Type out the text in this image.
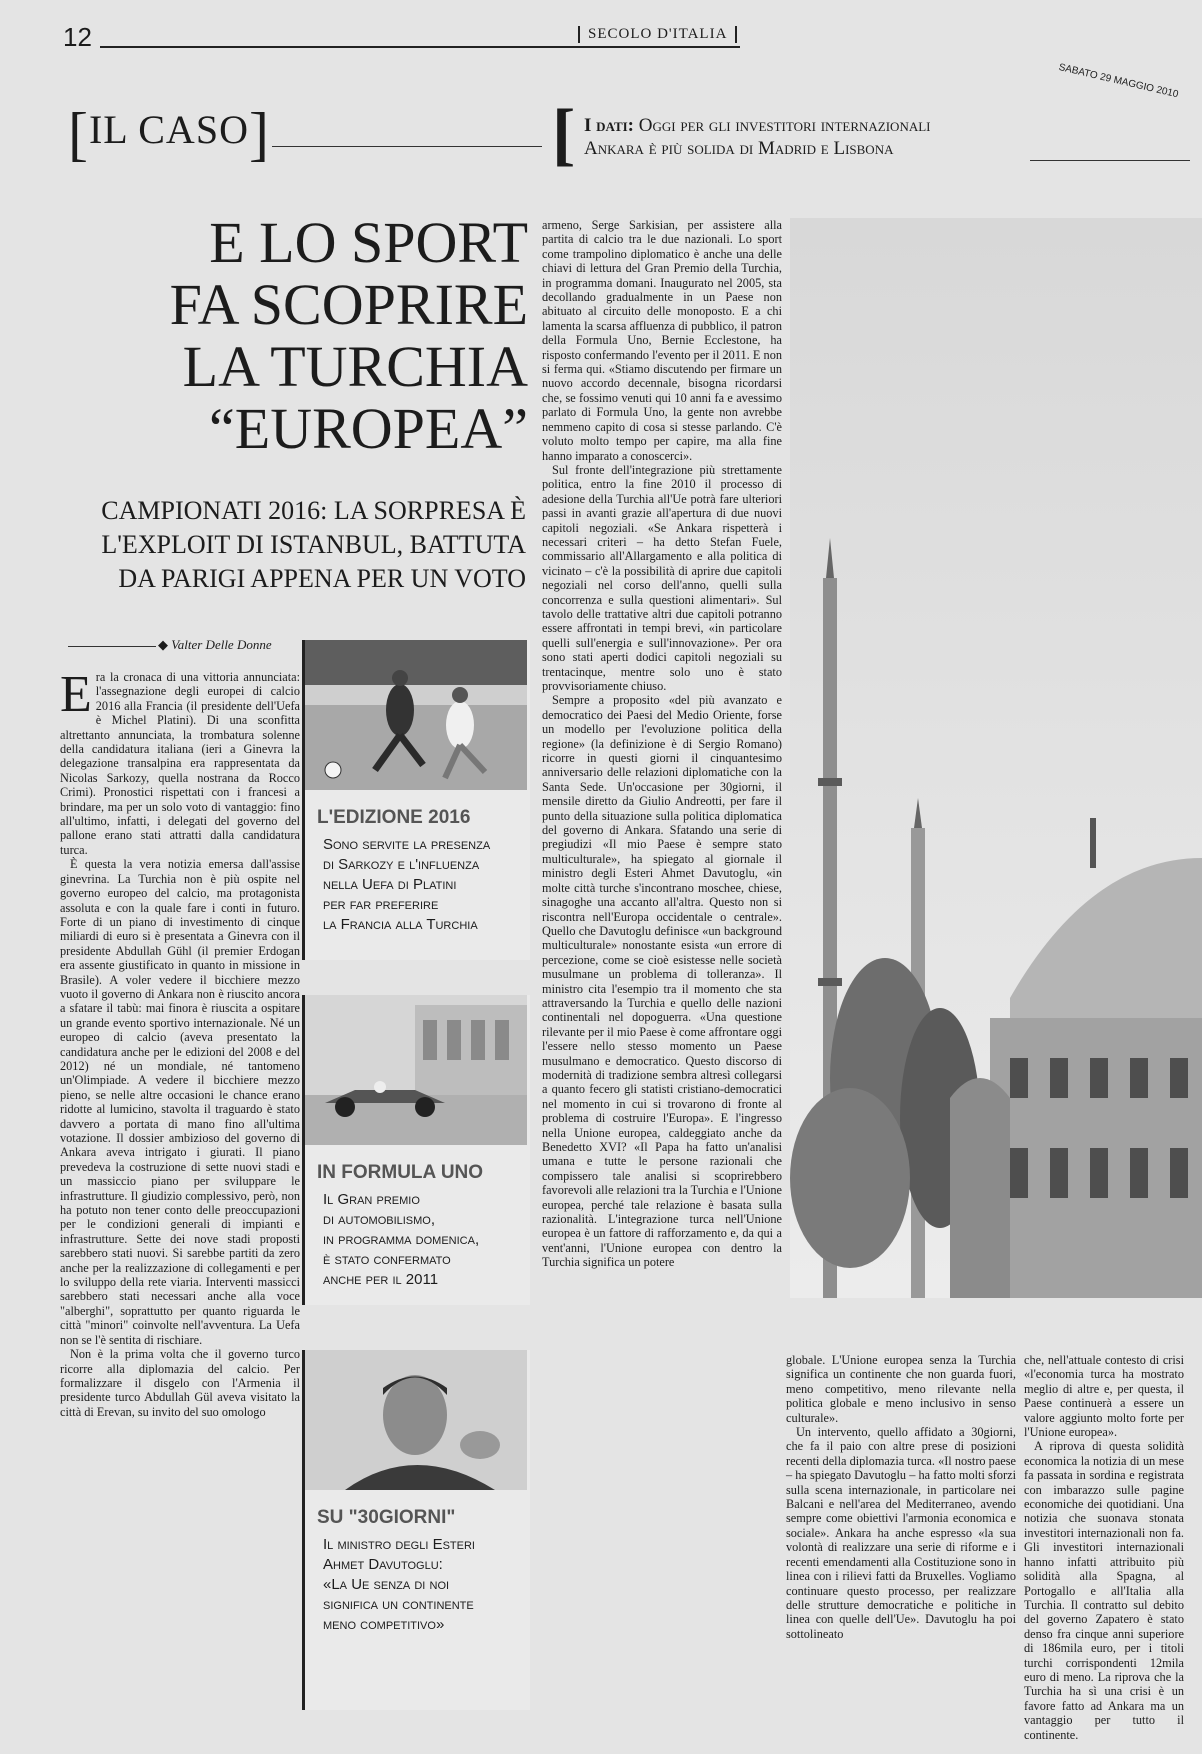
12	SECOLO D'ITALIA
SABATO 29 MAGGIO 2010
[IL CASO]	[ I dati: Oggi per gli investitori internazionali
Ankara è più solida di Madrid e Lisbona
E LO SPORT
FA SCOPRIRE
LA TURCHIA
“EUROPEA”
CAMPIONATI 2016: LA SORPRESA È
L'EXPLOIT DI ISTANBUL, BATTUTA
DA PARIGI APPENA PER UN VOTO
◆ Valter Delle Donne

Era la cronaca di una vittoria annunciata: l'assegnazione degli europei di calcio 2016 alla Francia (il presidente dell'Uefa è Michel Platini). Di una sconfitta altrettanto annunciata, la trombatura solenne della candidatura italiana (ieri a Ginevra la delegazione transalpina era rappresentata da Nicolas Sarkozy, quella nostrana da Rocco Crimi). Pronostici rispettati con i francesi a brindare, ma per un solo voto di vantaggio: fino all'ultimo, infatti, i delegati del governo del pallone erano stati attratti dalla candidatura turca.

È questa la vera notizia emersa dall'assise ginevrina. La Turchia non è più ospite nel governo europeo del calcio, ma protagonista assoluta e con la quale fare i conti in futuro. Forte di un piano di investimento di cinque miliardi di euro si è presentata a Ginevra con il presidente Abdullah Gühl (il premier Erdogan era assente giustificato in quanto in missione in Brasile). A voler vedere il bicchiere mezzo vuoto il governo di Ankara non è riuscito ancora a sfatare il tabù: mai finora è riuscita a ospitare un grande evento sportivo internazionale. Né un europeo di calcio (aveva presentato la candidatura anche per le edizioni del 2008 e del 2012) né un mondiale, né tantomeno un'Olimpiade. A vedere il bicchiere mezzo pieno, se nelle altre occasioni le chance erano ridotte al lumicino, stavolta il traguardo è stato davvero a portata di mano fino all'ultima votazione. Il dossier ambizioso del governo di Ankara aveva intrigato i giurati. Il piano prevedeva la costruzione di sette nuovi stadi e un massiccio piano per sviluppare le infrastrutture. Il giudizio complessivo, però, non ha potuto non tener conto delle preoccupazioni per le condizioni generali di impianti e infrastrutture. Sette dei nove stadi proposti sarebbero stati nuovi. Si sarebbe partiti da zero anche per la realizzazione di collegamenti e per lo sviluppo della rete viaria. Interventi massicci sarebbero stati necessari anche alla voce "alberghi", soprattutto per quanto riguarda le città "minori" coinvolte nell'avventura. La Uefa non se l'è sentita di rischiare.

Non è la prima volta che il governo turco ricorre alla diplomazia del calcio. Per formalizzare il disgelo con l'Armenia il presidente turco Abdullah Gül aveva visitato la città di Erevan, su invito del suo omologo

L'EDIZIONE 2016
Sono servite la presenza
di Sarkozy e l'influenza
nella Uefa di Platini
per far preferire
la Francia alla Turchia
IN FORMULA UNO
Il Gran premio
di automobilismo,
in programma domenica,
è stato confermato
anche per il 2011
SU "30GIORNI"
Il ministro degli Esteri
Ahmet Davutoglu:
«La Ue senza di noi
significa un continente
meno competitivo»

armeno, Serge Sarkisian, per assistere alla partita di calcio tra le due nazionali. Lo sport come trampolino diplomatico è anche una delle chiavi di lettura del Gran Premio della Turchia, in programma domani. Inaugurato nel 2005, sta decollando gradualmente in un Paese non abituato al circuito delle monoposto. E a chi lamenta la scarsa affluenza di pubblico, il patron della Formula Uno, Bernie Ecclestone, ha risposto confermando l'evento per il 2011. E non si ferma qui. «Stiamo discutendo per firmare un nuovo accordo decennale, bisogna ricordarsi che, se fossimo venuti qui 10 anni fa e avessimo parlato di Formula Uno, la gente non avrebbe nemmeno capito di cosa si stesse parlando. C'è voluto molto tempo per capire, ma alla fine hanno imparato a conoscerci».

Sul fronte dell'integrazione più strettamente politica, entro la fine 2010 il processo di adesione della Turchia all'Ue potrà fare ulteriori passi in avanti grazie all'apertura di due nuovi capitoli negoziali. «Se Ankara rispetterà i necessari criteri – ha detto Stefan Fuele, commissario all'Allargamento e alla politica di vicinato – c'è la possibilità di aprire due capitoli negoziali nel corso dell'anno, quelli sulla concorrenza e sulla questioni alimentari». Sul tavolo delle trattative altri due capitoli potranno essere affrontati in tempi brevi, «in particolare quelli sull'energia e sull'innovazione». Per ora sono stati aperti dodici capitoli negoziali su trentacinque, mentre solo uno è stato provvisoriamente chiuso.

Sempre a proposito «del più avanzato e democratico dei Paesi del Medio Oriente, forse un modello per l'evoluzione politica della regione» (la definizione è di Sergio Romano) ricorre in questi giorni il cinquantesimo anniversario delle relazioni diplomatiche con la Santa Sede. Un'occasione per 30giorni, il mensile diretto da Giulio Andreotti, per fare il punto della situazione sulla politica diplomatica del governo di Ankara. Sfatando una serie di pregiudizi «Il mio Paese è sempre stato multiculturale», ha spiegato al giornale il ministro degli Esteri Ahmet Davutoglu, «in molte città turche s'incontrano moschee, chiese, sinagoghe una accanto all'altra. Questo non si riscontra nell'Europa occidentale o centrale». Quello che Davutoglu definisce «un background multiculturale» nonostante esista «un errore di percezione, come se cioè esistesse nelle società musulmane un problema di tolleranza». Il ministro cita l'esempio tra il momento che sta attraversando la Turchia e quello delle nazioni continentali nel dopoguerra. «Una questione rilevante per il mio Paese è come affrontare oggi l'essere nello stesso momento un Paese musulmano e democratico. Questo discorso di modernità di tradizione sembra altresì collegarsi a quanto fecero gli statisti cristiano-democratici nel momento in cui si trovarono di fronte al problema di costruire l'Europa». E l'ingresso nella Unione europea, caldeggiato anche da Benedetto XVI? «Il Papa ha fatto un'analisi umana e tutte le persone razionali che compissero tale analisi si scoprirebbero favorevoli alle relazioni tra la Turchia e l'Unione europea, perché tale relazione è basata sulla razionalità. L'integrazione turca nell'Unione europea è un fattore di rafforzamento e, da qui a vent'anni, l'Unione europea con dentro la Turchia significa un potere

globale. L'Unione europea senza la Turchia significa un continente che non guarda fuori, meno competitivo, meno rilevante nella politica globale e meno inclusivo in senso culturale».

Un intervento, quello affidato a 30giorni, che fa il paio con altre prese di posizioni recenti della diplomazia turca. «Il nostro paese – ha spiegato Davutoglu – ha fatto molti sforzi sulla scena internazionale, in particolare nei Balcani e nell'area del Mediterraneo, avendo sempre come obiettivi l'armonia economica e sociale». Ankara ha anche espresso «la sua volontà di realizzare una serie di riforme e i recenti emendamenti alla Costituzione sono in linea con i rilievi fatti da Bruxelles. Vogliamo continuare questo processo, per realizzare delle strutture democratiche e politiche in linea con quelle dell'Ue». Davutoglu ha poi sottolineato

che, nell'attuale contesto di crisi «l'economia turca ha mostrato meglio di altre e, per questa, il Paese continuerà a essere un valore aggiunto molto forte per l'Unione europea».

A riprova di questa solidità economica la notizia di un mese fa passata in sordina e registrata con imbarazzo sulle pagine economiche dei quotidiani. Una notizia che suonava stonata investitori internazionali non fa. Gli investitori internazionali hanno infatti attribuito più solidità alla Spagna, al Portogallo e all'Italia alla Turchia. Il contratto sul debito del governo Zapatero è stato denso fra cinque anni superiore di 186mila euro, per i titoli turchi corrispondenti 12mila euro di meno. La riprova che la Turchia ha sì una crisi è un favore fatto ad Ankara ma un vantaggio per tutto il continente.
